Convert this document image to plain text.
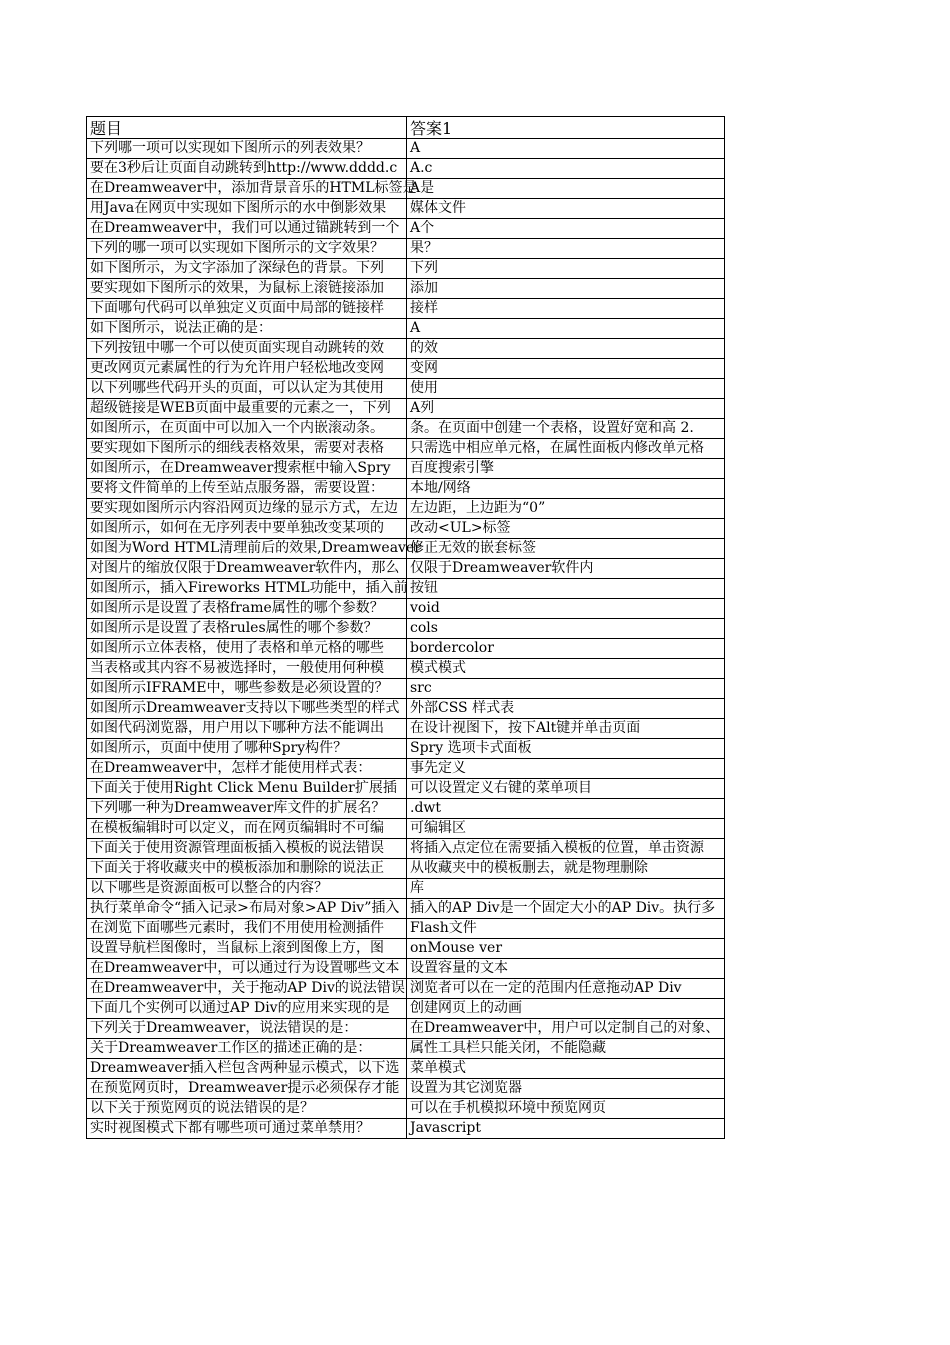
题目	答案1
下列哪一项可以实现如下图所示的列表效果？	A
要在3秒后让页面自动跳转到http://www.dddd.c	A.c
在Dreamweaver中，添加背景音乐的HTML标签是	A是
用Java在网页中实现如下图所示的水中倒影效果	媒体文件
在Dreamweaver中，我们可以通过锚跳转到一个	A个
下列的哪一项可以实现如下图所示的文字效果？	果？
如下图所示，为文字添加了深绿色的背景。下列	下列
要实现如下图所示的效果，为鼠标上滚链接添加	添加
下面哪句代码可以单独定义页面中局部的链接样	接样
如下图所示，说法正确的是：	A
下列按钮中哪一个可以使页面实现自动跳转的效	的效
更改网页元素属性的行为允许用户轻松地改变网	变网
以下列哪些代码开头的页面，可以认定为其使用	使用
超级链接是WEB页面中最重要的元素之一，下列	A列
如图所示，在页面中可以加入一个内嵌滚动条。	条。在页面中创建一个表格，设置好宽和高 2.
要实现如下图所示的细线表格效果，需要对表格	只需选中相应单元格，在属性面板内修改单元格
如图所示，在Dreamweaver搜索框中输入Spry	百度搜索引擎
要将文件简单的上传至站点服务器，需要设置：	本地/网络
要实现如图所示内容沿网页边缘的显示方式，左边	左边距，上边距为“0”
如图所示，如何在无序列表中要单独改变某项的	改动<UL>标签
如图为Word HTML清理前后的效果,Dreamweaver	修正无效的嵌套标签
对图片的缩放仅限于Dreamweaver软件内，那么	仅限于Dreamweaver软件内
如图所示，插入Fireworks HTML功能中，插入前	按钮
如图所示是设置了表格frame属性的哪个参数？	void
如图所示是设置了表格rules属性的哪个参数？	cols
如图所示立体表格，使用了表格和单元格的哪些	bordercolor
当表格或其内容不易被选择时，一般使用何种模	模式模式
如图所示IFRAME中，哪些参数是必须设置的？	src
如图所示Dreamweaver支持以下哪些类型的样式	外部CSS 样式表
如图代码浏览器，用户用以下哪种方法不能调出	在设计视图下，按下Alt键并单击页面
如图所示，页面中使用了哪种Spry构件？	Spry 选项卡式面板
在Dreamweaver中，怎样才能使用样式表：	事先定义
下面关于使用Right Click Menu Builder扩展插	可以设置定义右键的菜单项目
下列哪一种为Dreamweaver库文件的扩展名？	.dwt
在模板编辑时可以定义，而在网页编辑时不可编	可编辑区
下面关于使用资源管理面板插入模板的说法错误	将插入点定位在需要插入模板的位置，单击资源
下面关于将收藏夹中的模板添加和删除的说法正	从收藏夹中的模板删去，就是物理删除
以下哪些是资源面板可以整合的内容？	库
执行菜单命令“插入记录>布局对象>AP Div”插入	插入的AP Div是一个固定大小的AP Div。执行多
在浏览下面哪些元素时，我们不用使用检测插件	Flash文件
设置导航栏图像时，当鼠标上滚到图像上方，图	onMouse ver
在Dreamweaver中，可以通过行为设置哪些文本	设置容量的文本
在Dreamweaver中，关于拖动AP Div的说法错误	浏览者可以在一定的范围内任意拖动AP Div
下面几个实例可以通过AP Div的应用来实现的是	创建网页上的动画
下列关于Dreamweaver，说法错误的是：	在Dreamweaver中，用户可以定制自己的对象、
关于Dreamweaver工作区的描述正确的是：	属性工具栏只能关闭，不能隐藏
Dreamweaver插入栏包含两种显示模式，以下选	菜单模式
在预览网页时，Dreamweaver提示必须保存才能	设置为其它浏览器
以下关于预览网页的说法错误的是？	可以在手机模拟环境中预览网页
实时视图模式下都有哪些项可通过菜单禁用？	Javascript
